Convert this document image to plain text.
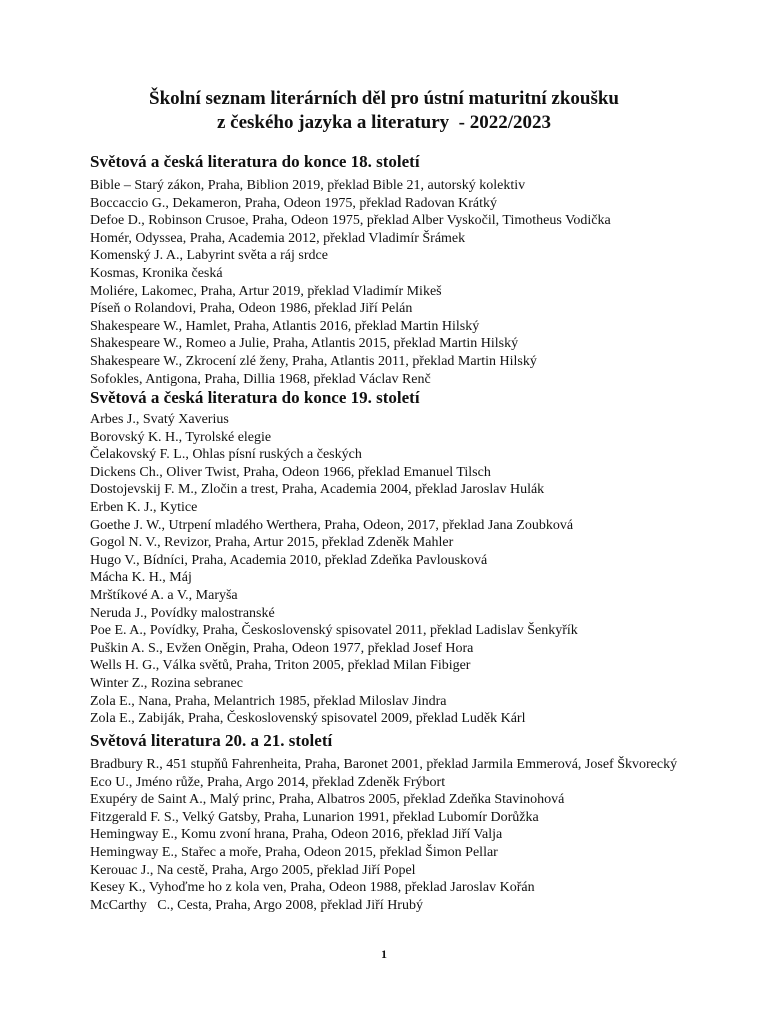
Školní seznam literárních děl pro ústní maturitní zkoušku

z českého jazyka a literatury  - 2022/2023

Světová a česká literatura do konce 18. století

Bible – Starý zákon, Praha, Biblion 2019, překlad Bible 21, autorský kolektiv

Boccaccio G., Dekameron, Praha, Odeon 1975, překlad Radovan Krátký

Defoe D., Robinson Crusoe, Praha, Odeon 1975, překlad Alber Vyskočil, Timotheus Vodička

Homér, Odyssea, Praha, Academia 2012, překlad Vladimír Šrámek

Komenský J. A., Labyrint světa a ráj srdce

Kosmas, Kronika česká

Moliére, Lakomec, Praha, Artur 2019, překlad Vladimír Mikeš

Píseň o Rolandovi, Praha, Odeon 1986, překlad Jiří Pelán

Shakespeare W., Hamlet, Praha, Atlantis 2016, překlad Martin Hilský

Shakespeare W., Romeo a Julie, Praha, Atlantis 2015, překlad Martin Hilský

Shakespeare W., Zkrocení zlé ženy, Praha, Atlantis 2011, překlad Martin Hilský

Sofokles, Antigona, Praha, Dillia 1968, překlad Václav Renč

Světová a česká literatura do konce 19. století

Arbes J., Svatý Xaverius

Borovský K. H., Tyrolské elegie

Čelakovský F. L., Ohlas písní ruských a českých

Dickens Ch., Oliver Twist, Praha, Odeon 1966, překlad Emanuel Tilsch

Dostojevskij F. M., Zločin a trest, Praha, Academia 2004, překlad Jaroslav Hulák

Erben K. J., Kytice

Goethe J. W., Utrpení mladého Werthera, Praha, Odeon, 2017, překlad Jana Zoubková

Gogol N. V., Revizor, Praha, Artur 2015, překlad Zdeněk Mahler

Hugo V., Bídníci, Praha, Academia 2010, překlad Zdeňka Pavlousková

Mácha K. H., Máj

Mrštíkové A. a V., Maryša

Neruda J., Povídky malostranské

Poe E. A., Povídky, Praha, Československý spisovatel 2011, překlad Ladislav Šenkyřík

Puškin A. S., Evžen Oněgin, Praha, Odeon 1977, překlad Josef Hora

Wells H. G., Válka světů, Praha, Triton 2005, překlad Milan Fibiger

Winter Z., Rozina sebranec

Zola E., Nana, Praha, Melantrich 1985, překlad Miloslav Jindra

Zola E., Zabiják, Praha, Československý spisovatel 2009, překlad Luděk Kárl

Světová literatura 20. a 21. století

Bradbury R., 451 stupňů Fahrenheita, Praha, Baronet 2001, překlad Jarmila Emmerová, Josef Škvorecký

Eco U., Jméno růže, Praha, Argo 2014, překlad Zdeněk Frýbort

Exupéry de Saint A., Malý princ, Praha, Albatros 2005, překlad Zdeňka Stavinohová

Fitzgerald F. S., Velký Gatsby, Praha, Lunarion 1991, překlad Lubomír Dorůžka

Hemingway E., Komu zvoní hrana, Praha, Odeon 2016, překlad Jiří Valja

Hemingway E., Stařec a moře, Praha, Odeon 2015, překlad Šimon Pellar

Kerouac J., Na cestě, Praha, Argo 2005, překlad Jiří Popel

Kesey K., Vyhoďme ho z kola ven, Praha, Odeon 1988, překlad Jaroslav Kořán

McCarthy   C., Cesta, Praha, Argo 2008, překlad Jiří Hrubý

1
